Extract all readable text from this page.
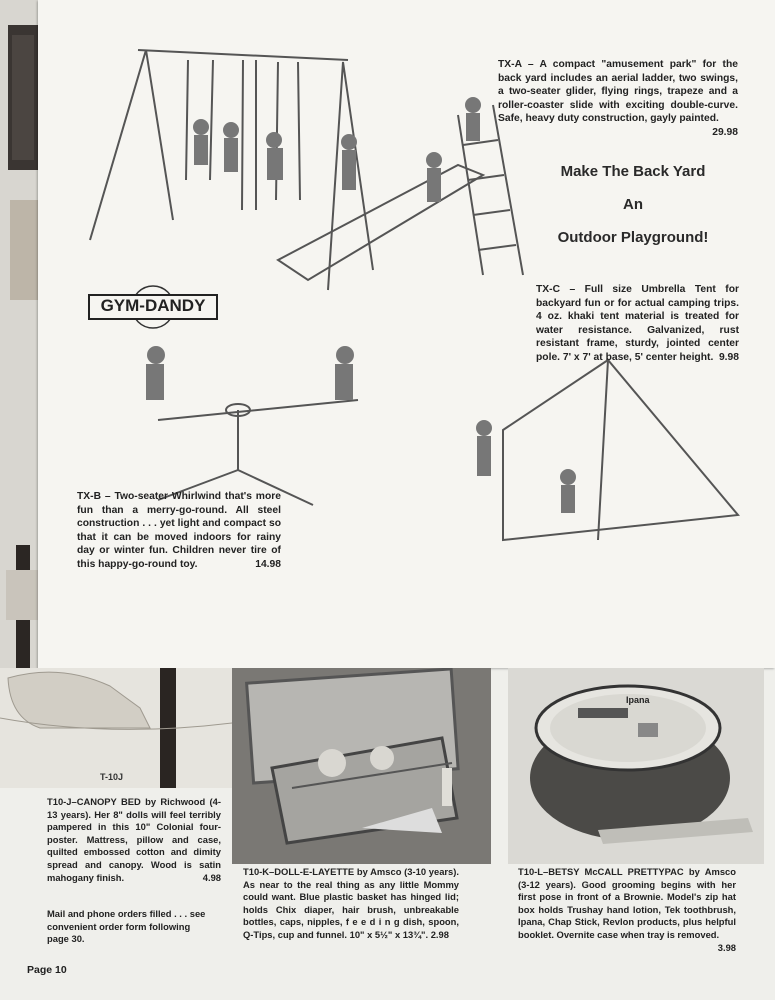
GYM-DANDY
TX-A – A compact "amusement park" for the back yard includes an aerial ladder, two swings, a two-seater glider, flying rings, trapeze and a roller-coaster slide with exciting double-curve. Safe, heavy duty construction, gayly painted.
29.98
Make The Back Yard
An
Outdoor Playground!
TX-C – Full size Umbrella Tent for backyard fun or for actual camping trips. 4 oz. khaki tent material is treated for water resistance. Galvanized, rust resistant frame, sturdy, jointed center pole. 7' x 7' at base, 5' center height. 9.98
TX-B – Two-seater Whirlwind that's more fun than a merry-go-round. All steel construction . . . yet light and compact so that it can be moved indoors for rainy day or winter fun. Children never tire of this happy-go-round toy.	14.98
T-10J
Ipana
T10-J–CANOPY BED by Richwood (4-13 years). Her 8" dolls will feel terribly pampered in this 10" Colonial four-poster. Mattress, pillow and case, quilted embossed cotton and dimity spread and canopy. Wood is satin mahogany finish.	4.98
T10-K–DOLL-E-LAYETTE by Amsco (3-10 years). As near to the real thing as any little Mommy could want. Blue plastic basket has hinged lid; holds Chix diaper, hair brush, unbreakable bottles, caps, nipples, f e e d i n g dish, spoon, Q-Tips, cup and funnel. 10" x 5½" x 13¾". 2.98
T10-L–BETSY McCALL PRETTYPAC by Amsco (3-12 years). Good grooming begins with her first pose in front of a Brownie. Model's zip hat box holds Trushay hand lotion, Tek toothbrush, Ipana, Chap Stick, Revlon products, plus helpful booklet. Overnite case when tray is removed.
3.98
Mail and phone orders filled . . . see convenient order form following page 30.
Page 10
